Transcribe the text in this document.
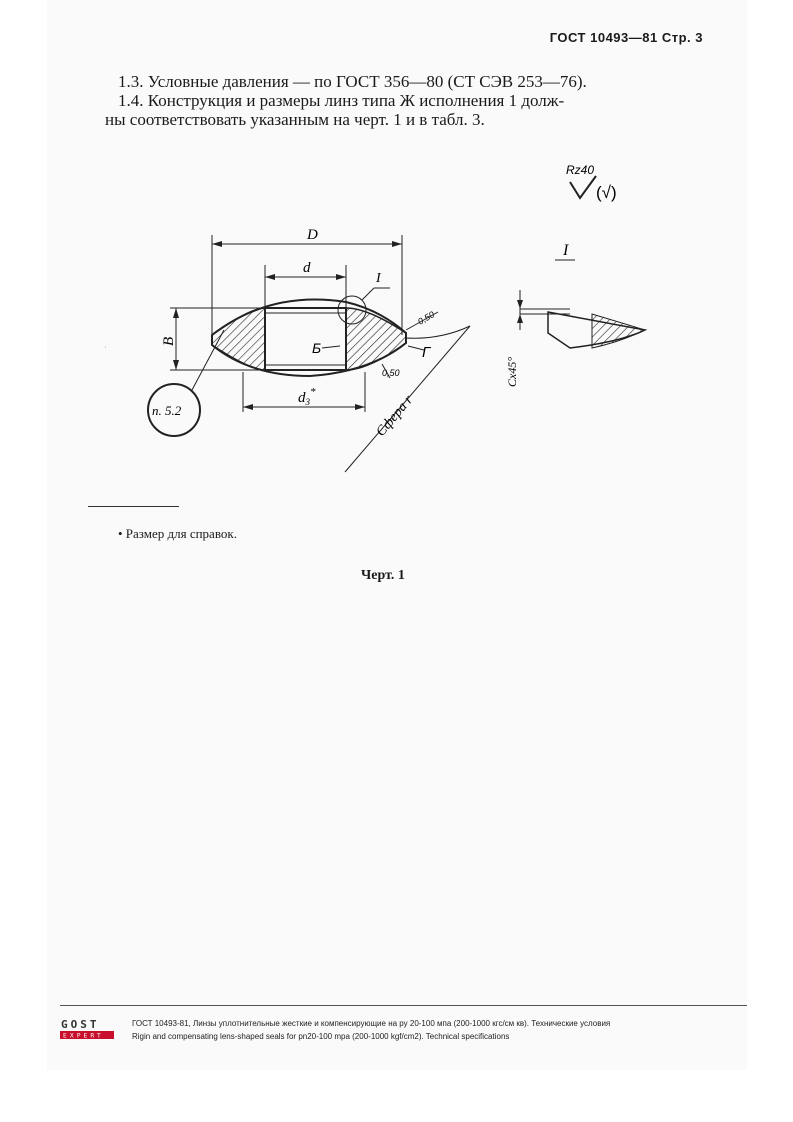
ГОСТ 10493—81 Стр. 3
1.3. Условные давления — по ГОСТ 356—80 (СТ СЭВ 253—76).
1.4. Конструкция и размеры линз типа Ж исполнения 1 долж-
ны соответствовать указанным на черт. 1 и в табл. 3.
Rz40
(√)
D
d
B
$d_3^*$
I
Б
0,50
0,50
Г
Сфера r
п. 5.2
I
Cx45°
·
• Размер для справок.
Черт. 1
GOST
EXPERT
ГОСТ 10493-81, Линзы уплотнительные жесткие и компенсирующие на ру 20-100 мпа (200-1000 кгс/см кв). Технические условия
Rigin and compensating lens-shaped seals for pn20-100 mpa (200-1000 kgf/cm2). Technical specifications
